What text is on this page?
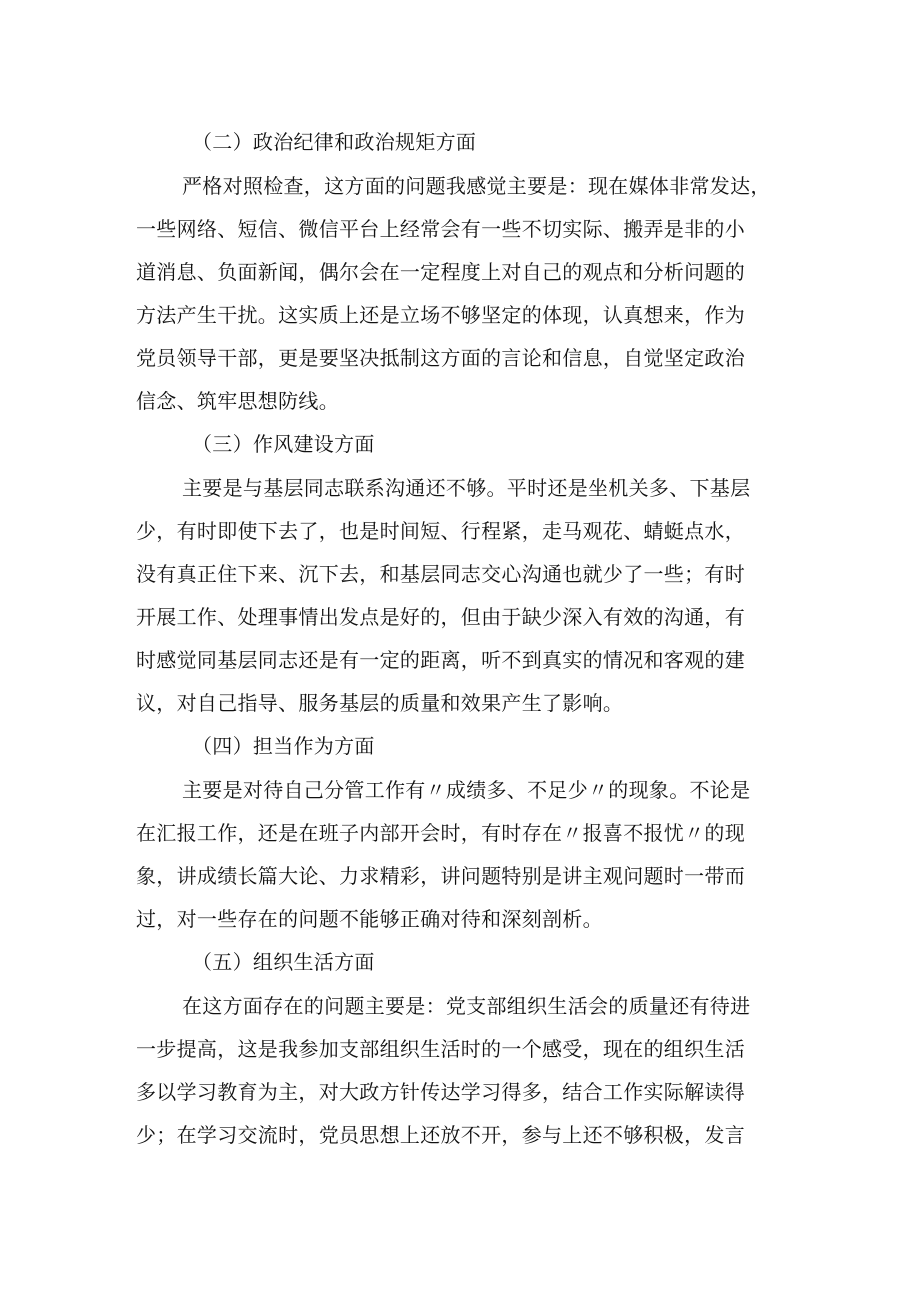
（二）政治纪律和政治规矩方面
严格对照检查，这方面的问题我感觉主要是：现在媒体非常发达，
一些网络、短信、微信平台上经常会有一些不切实际、搬弄是非的小
道消息、负面新闻，偶尔会在一定程度上对自己的观点和分析问题的
方法产生干扰。这实质上还是立场不够坚定的体现，认真想来，作为
党员领导干部，更是要坚决抵制这方面的言论和信息，自觉坚定政治
信念、筑牢思想防线。
（三）作风建设方面
主要是与基层同志联系沟通还不够。平时还是坐机关多、下基层
少，有时即使下去了，也是时间短、行程紧，走马观花、蜻蜓点水，
没有真正住下来、沉下去，和基层同志交心沟通也就少了一些；有时
开展工作、处理事情出发点是好的，但由于缺少深入有效的沟通，有
时感觉同基层同志还是有一定的距离，听不到真实的情况和客观的建
议，对自己指导、服务基层的质量和效果产生了影响。
（四）担当作为方面
主要是对待自己分管工作有〃成绩多、不足少〃的现象。不论是
在汇报工作，还是在班子内部开会时，有时存在〃报喜不报忧〃的现
象，讲成绩长篇大论、力求精彩，讲问题特别是讲主观问题时一带而
过，对一些存在的问题不能够正确对待和深刻剖析。
（五）组织生活方面
在这方面存在的问题主要是：党支部组织生活会的质量还有待进
一步提高，这是我参加支部组织生活时的一个感受，现在的组织生活
多以学习教育为主，对大政方针传达学习得多，结合工作实际解读得
少；在学习交流时，党员思想上还放不开，参与上还不够积极，发言
